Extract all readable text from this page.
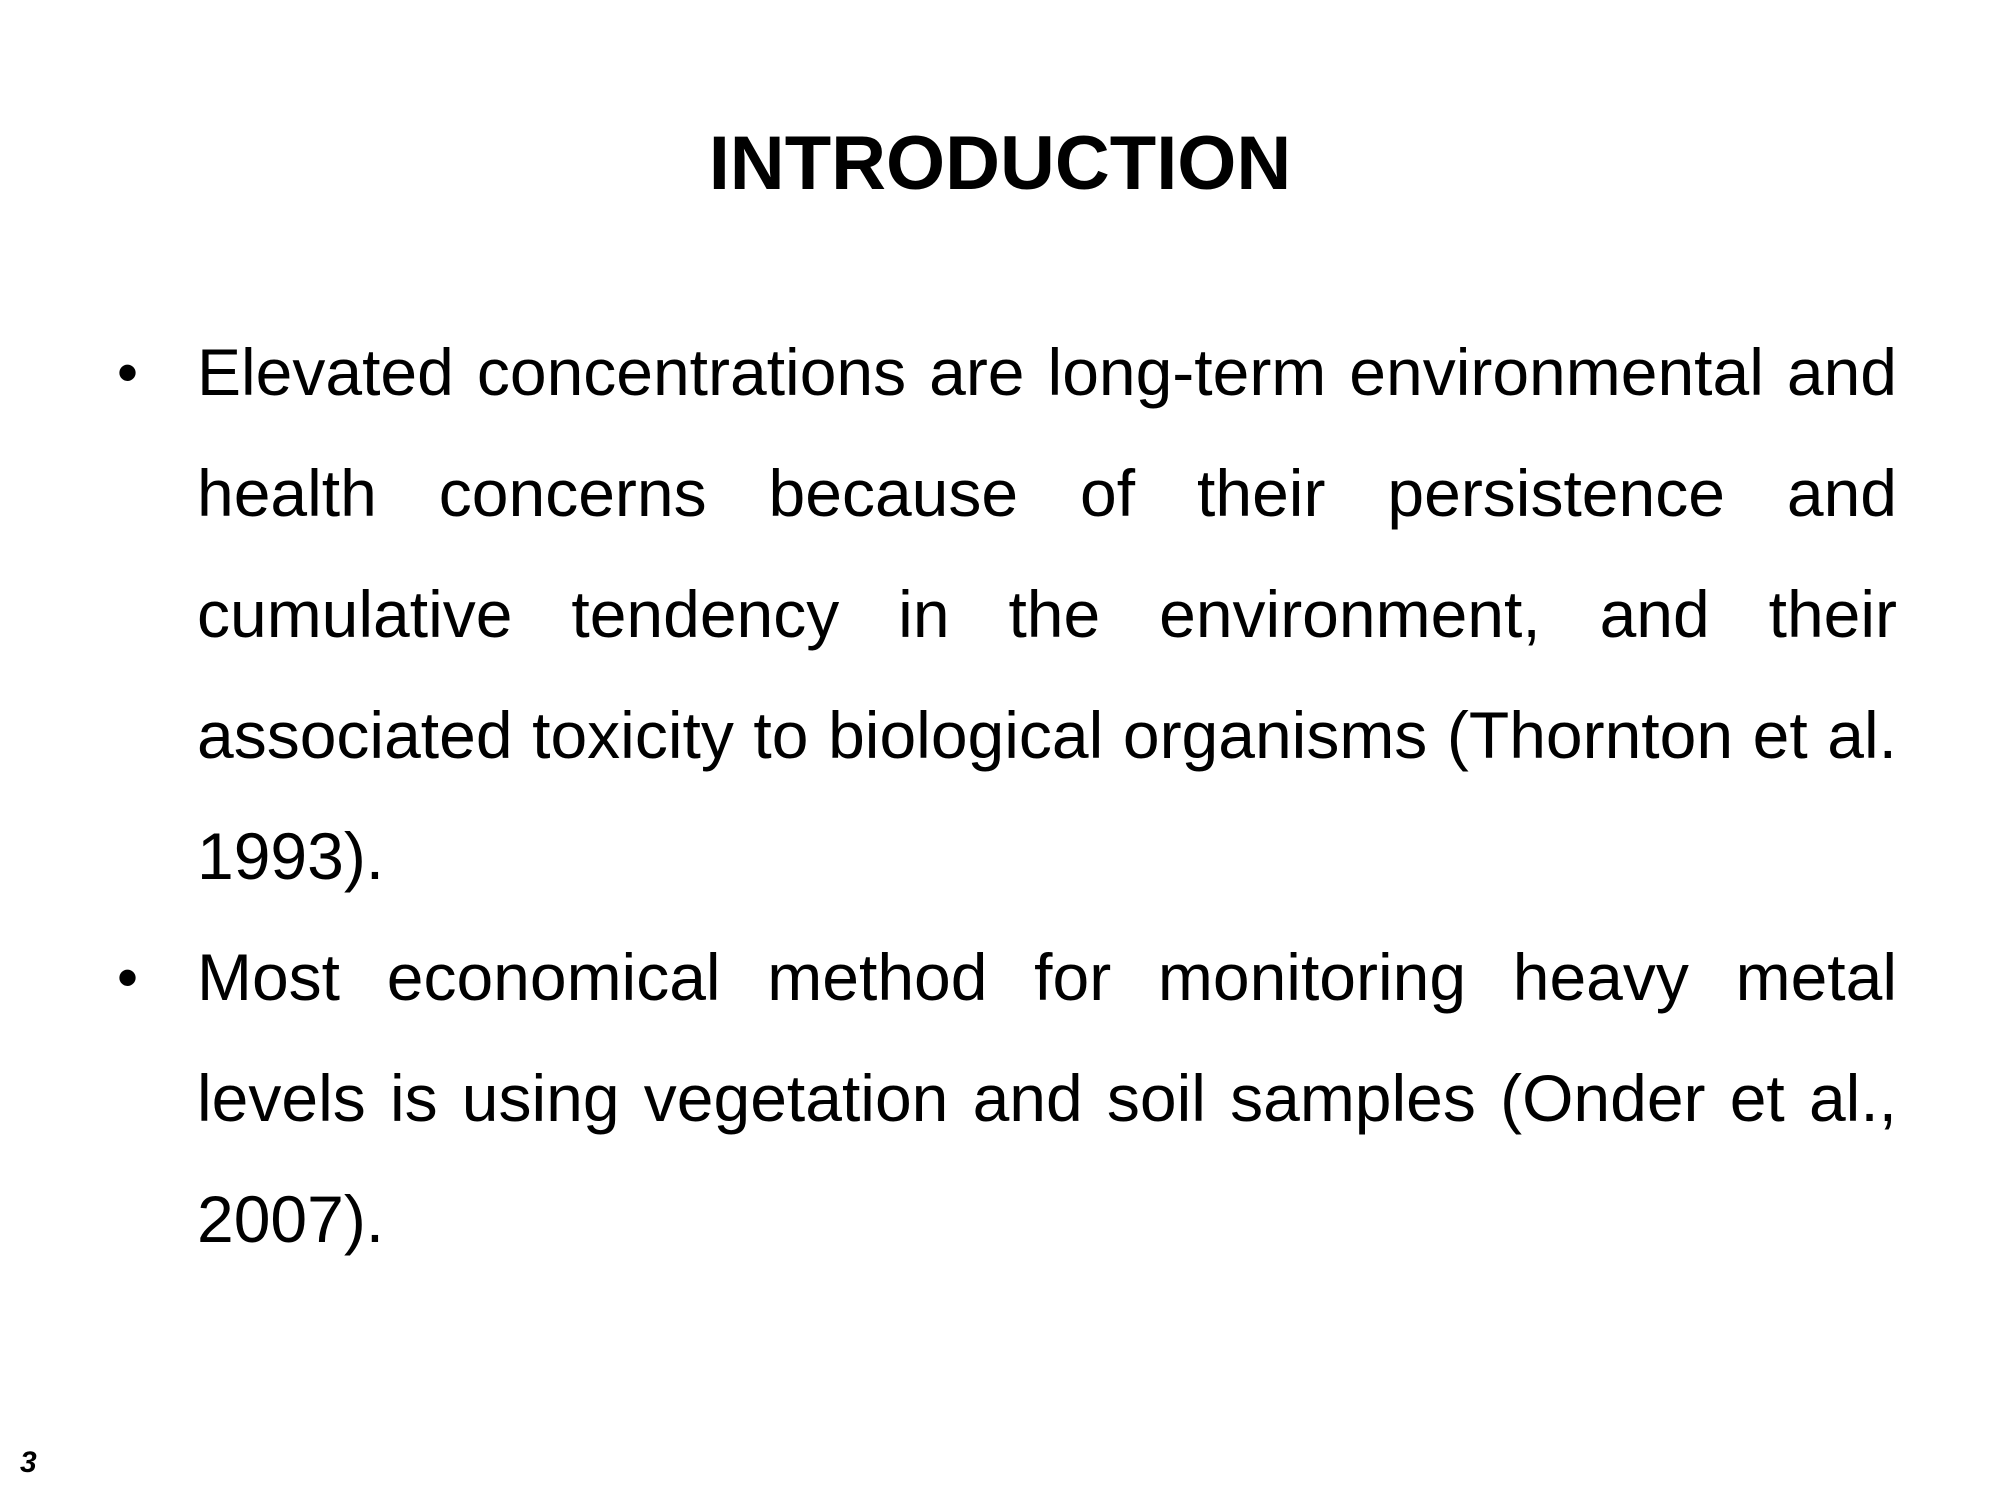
INTRODUCTION
• Elevated concentrations are long-term environmental and health concerns because of their persistence and cumulative tendency in the environment, and their associated toxicity to biological organisms (Thornton et al. 1993).
• Most economical method for monitoring heavy metal levels is using vegetation and soil samples (Onder et al., 2007).
3
